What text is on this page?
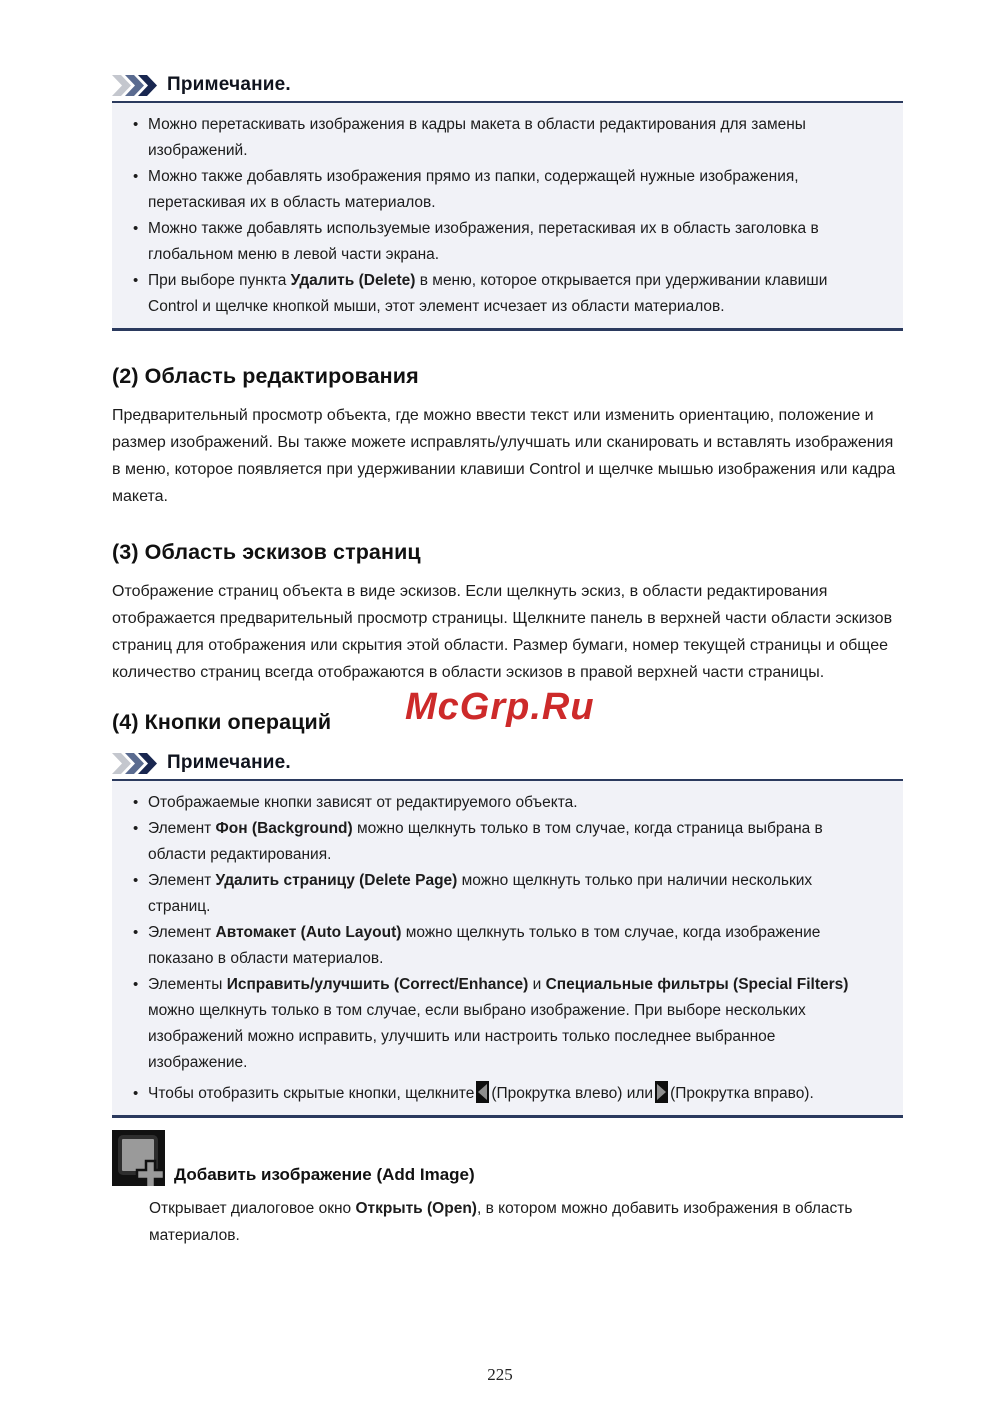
Примечание.
• Можно перетаскивать изображения в кадры макета в области редактирования для замены изображений.
• Можно также добавлять изображения прямо из папки, содержащей нужные изображения, перетаскивая их в область материалов.
• Можно также добавлять используемые изображения, перетаскивая их в область заголовка в глобальном меню в левой части экрана.
• При выборе пункта Удалить (Delete) в меню, которое открывается при удерживании клавиши Control и щелчке кнопкой мыши, этот элемент исчезает из области материалов.
(2) Область редактирования

Предварительный просмотр объекта, где можно ввести текст или изменить ориентацию, положение и размер изображений. Вы также можете исправлять/улучшать или сканировать и вставлять изображения в меню, которое появляется при удерживании клавиши Control и щелчке мышью изображения или кадра макета.

(3) Область эскизов страниц

Отображение страниц объекта в виде эскизов. Если щелкнуть эскиз, в области редактирования отображается предварительный просмотр страницы. Щелкните панель в верхней части области эскизов страниц для отображения или скрытия этой области. Размер бумаги, номер текущей страницы и общее количество страниц всегда отображаются в области эскизов в правой верхней части страницы.

(4) Кнопки операций
Примечание.
• Отображаемые кнопки зависят от редактируемого объекта.
• Элемент Фон (Background) можно щелкнуть только в том случае, когда страница выбрана в области редактирования.
• Элемент Удалить страницу (Delete Page) можно щелкнуть только при наличии нескольких страниц.
• Элемент Автомакет (Auto Layout) можно щелкнуть только в том случае, когда изображение показано в области материалов.
• Элементы Исправить/улучшить (Correct/Enhance) и Специальные фильтры (Special Filters) можно щелкнуть только в том случае, если выбрано изображение. При выборе нескольких изображений можно исправить, улучшить или настроить только последнее выбранное изображение.
• Чтобы отобразить скрытые кнопки, щелкните (Прокрутка влево) или (Прокрутка вправо).
Добавить изображение (Add Image)

Открывает диалоговое окно Открыть (Open), в котором можно добавить изображения в область материалов.

McGrp.Ru
225
